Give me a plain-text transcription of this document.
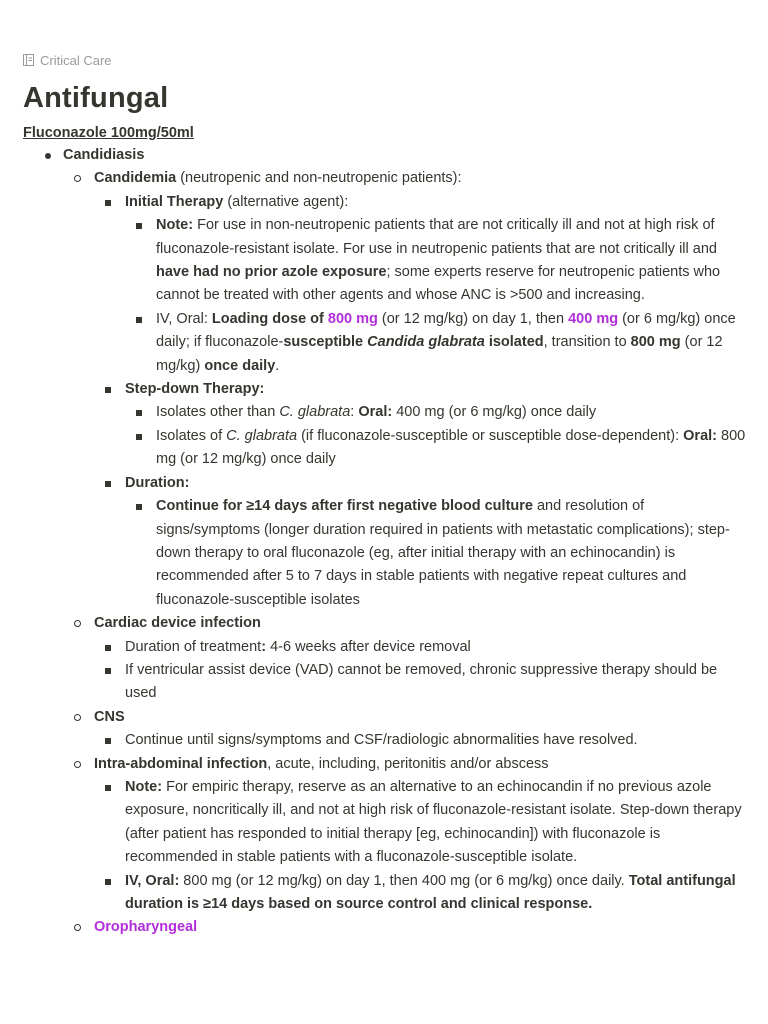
Critical Care
Antifungal
Fluconazole 100mg/50ml
Candidiasis
Candidemia (neutropenic and non-neutropenic patients):
Initial Therapy (alternative agent):
Note: For use in non-neutropenic patients that are not critically ill and not at high risk of fluconazole-resistant isolate. For use in neutropenic patients that are not critically ill and have had no prior azole exposure; some experts reserve for neutropenic patients who cannot be treated with other agents and whose ANC is >500 and increasing.
IV, Oral: Loading dose of 800 mg (or 12 mg/kg) on day 1, then 400 mg (or 6 mg/kg) once daily; if fluconazole-susceptible Candida glabrata isolated, transition to 800 mg (or 12 mg/kg) once daily.
Step-down Therapy:
Isolates other than C. glabrata: Oral: 400 mg (or 6 mg/kg) once daily
Isolates of C. glabrata (if fluconazole-susceptible or susceptible dose-dependent): Oral: 800 mg (or 12 mg/kg) once daily
Duration:
Continue for ≥14 days after first negative blood culture and resolution of signs/symptoms (longer duration required in patients with metastatic complications); step-down therapy to oral fluconazole (eg, after initial therapy with an echinocandin) is recommended after 5 to 7 days in stable patients with negative repeat cultures and fluconazole-susceptible isolates
Cardiac device infection
Duration of treatment: 4-6 weeks after device removal
If ventricular assist device (VAD) cannot be removed, chronic suppressive therapy should be used
CNS
Continue until signs/symptoms and CSF/radiologic abnormalities have resolved.
Intra-abdominal infection, acute, including, peritonitis and/or abscess
Note: For empiric therapy, reserve as an alternative to an echinocandin if no previous azole exposure, noncritically ill, and not at high risk of fluconazole-resistant isolate. Step-down therapy (after patient has responded to initial therapy [eg, echinocandin]) with fluconazole is recommended in stable patients with a fluconazole-susceptible isolate.
IV, Oral: 800 mg (or 12 mg/kg) on day 1, then 400 mg (or 6 mg/kg) once daily. Total antifungal duration is ≥14 days based on source control and clinical response.
Oropharyngeal
